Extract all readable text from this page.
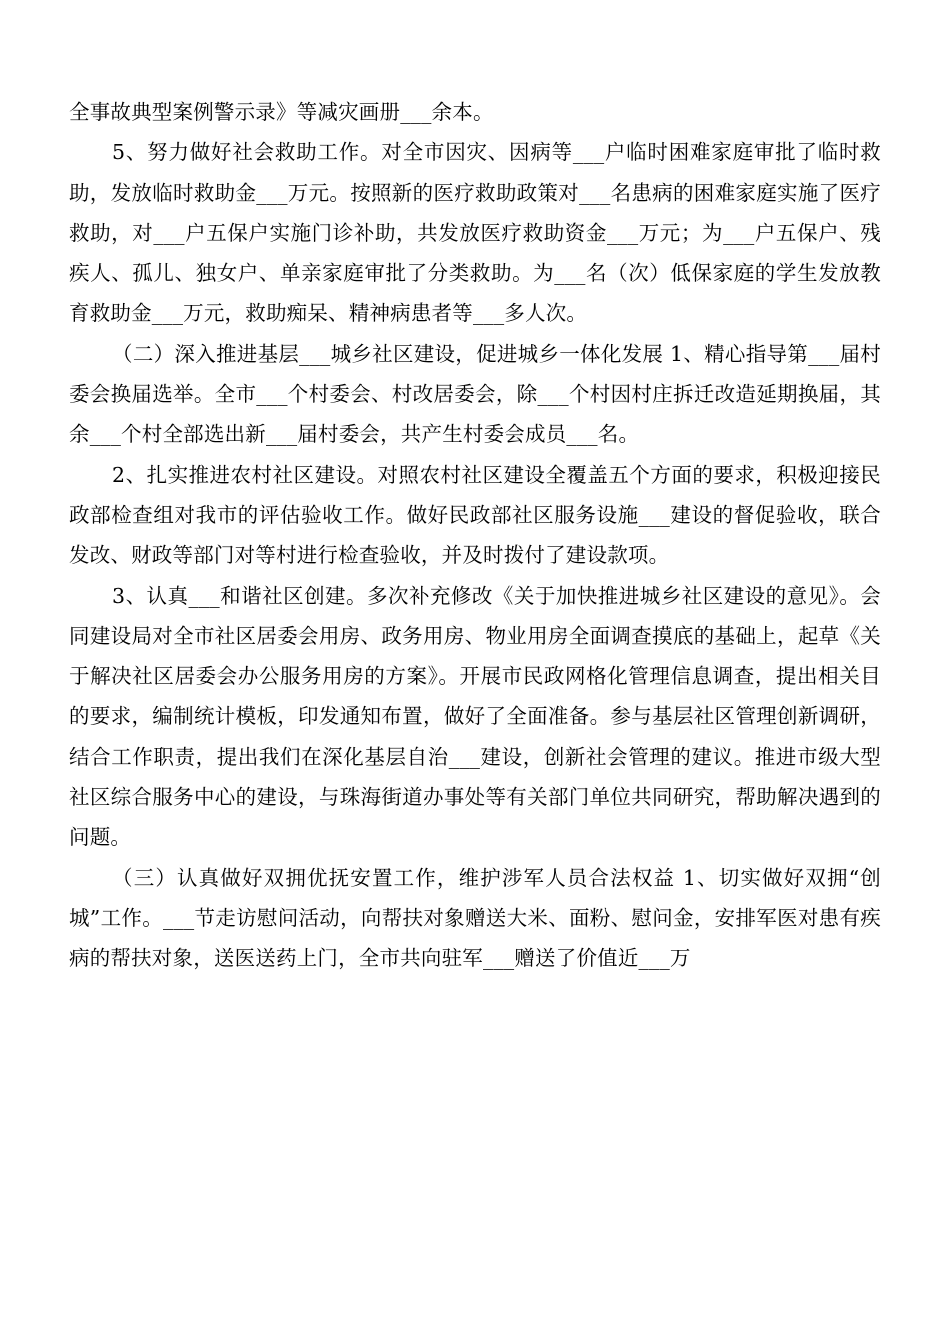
全事故典型案例警示录》等减灾画册___余本。

5、努力做好社会救助工作。对全市因灾、因病等___户临时困难家庭审批了临时救助，发放临时救助金___万元。按照新的医疗救助政策对___名患病的困难家庭实施了医疗救助，对___户五保户实施门诊补助，共发放医疗救助资金___万元；为___户五保户、残疾人、孤儿、独女户、单亲家庭审批了分类救助。为___名（次）低保家庭的学生发放教育救助金___万元，救助痴呆、精神病患者等___多人次。

（二）深入推进基层___城乡社区建设，促进城乡一体化发展 1、精心指导第___届村委会换届选举。全市___个村委会、村改居委会，除___个村因村庄拆迁改造延期换届，其余___个村全部选出新___届村委会，共产生村委会成员___名。

2、扎实推进农村社区建设。对照农村社区建设全覆盖五个方面的要求，积极迎接民政部检查组对我市的评估验收工作。做好民政部社区服务设施___建设的督促验收，联合发改、财政等部门对等村进行检查验收，并及时拨付了建设款项。

3、认真___和谐社区创建。多次补充修改《关于加快推进城乡社区建设的意见》。会同建设局对全市社区居委会用房、政务用房、物业用房全面调查摸底的基础上，起草《关于解决社区居委会办公服务用房的方案》。开展市民政网格化管理信息调查，提出相关目的要求，编制统计模板，印发通知布置，做好了全面准备。参与基层社区管理创新调研，结合工作职责，提出我们在深化基层自治___建设，创新社会管理的建议。推进市级大型社区综合服务中心的建设，与珠海街道办事处等有关部门单位共同研究，帮助解决遇到的问题。

（三）认真做好双拥优抚安置工作，维护涉军人员合法权益 1、切实做好双拥“创城”工作。___节走访慰问活动，向帮扶对象赠送大米、面粉、慰问金，安排军医对患有疾病的帮扶对象，送医送药上门，全市共向驻军___赠送了价值近___万
